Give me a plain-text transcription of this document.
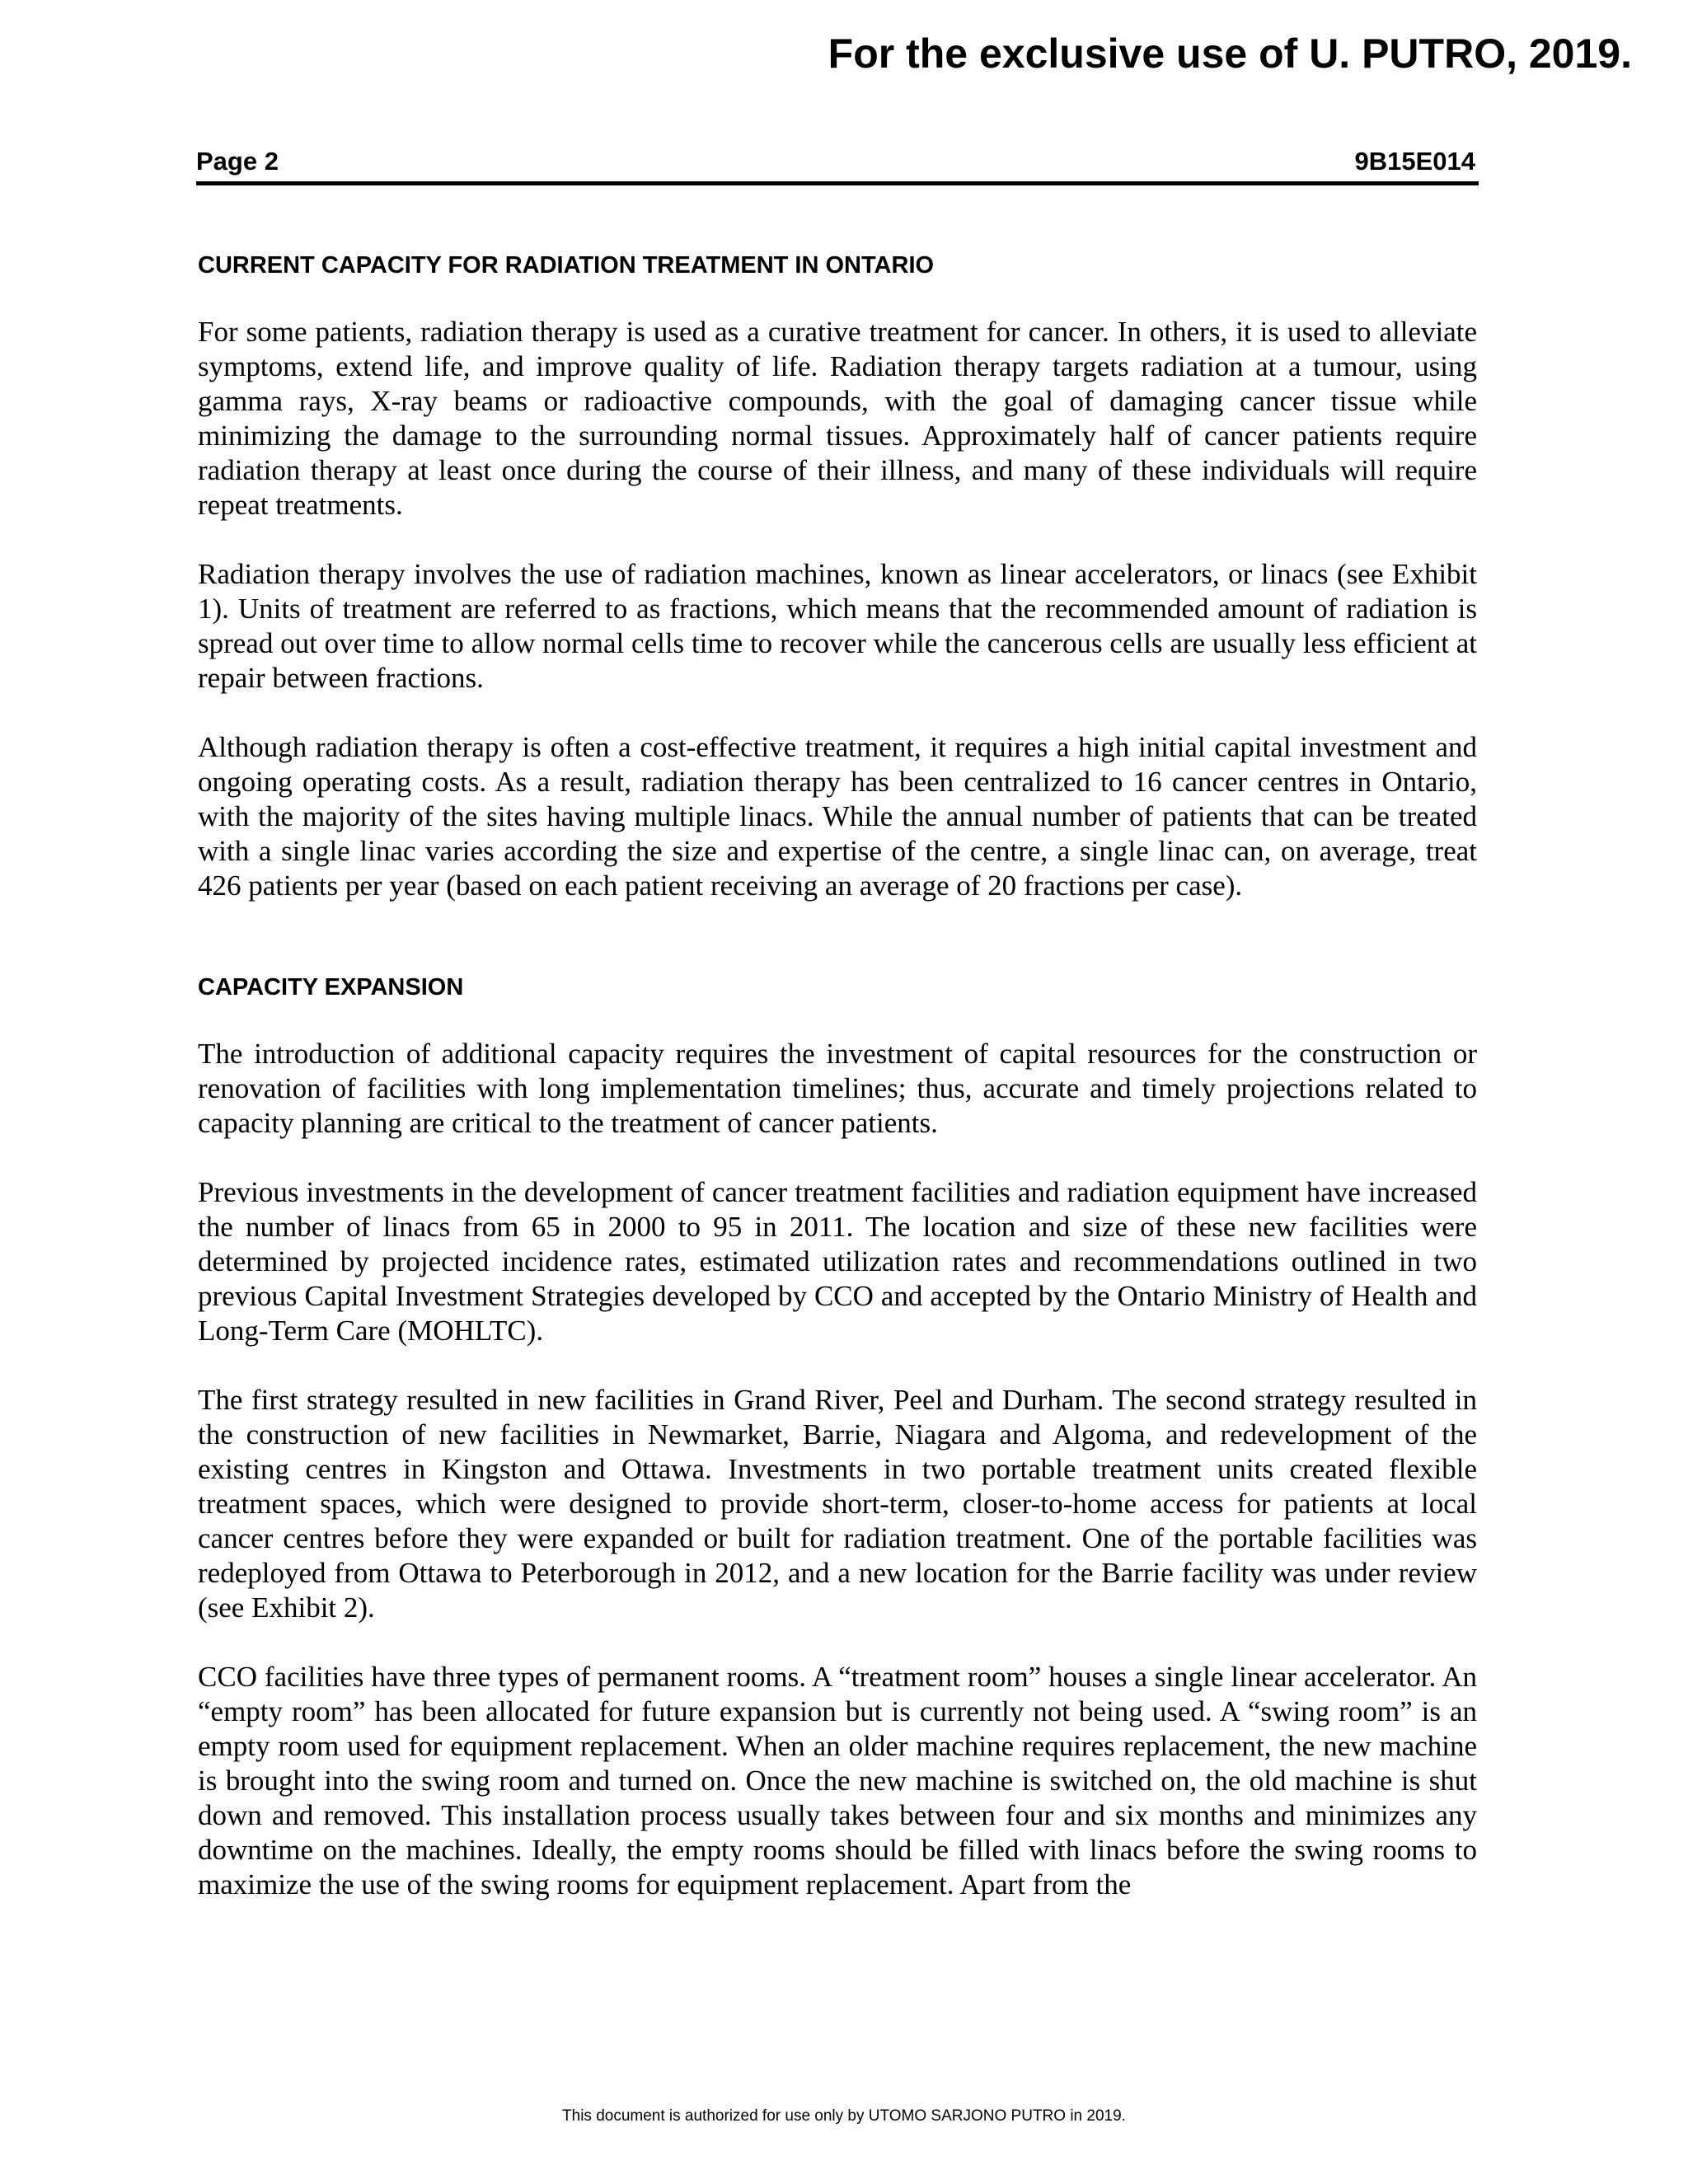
For the exclusive use of U. PUTRO, 2019.
Page 2	9B15E014
CURRENT CAPACITY FOR RADIATION TREATMENT IN ONTARIO

For some patients, radiation therapy is used as a curative treatment for cancer. In others, it is used to alleviate symptoms, extend life, and improve quality of life. Radiation therapy targets radiation at a tumour, using gamma rays, X-ray beams or radioactive compounds, with the goal of damaging cancer tissue while minimizing the damage to the surrounding normal tissues. Approximately half of cancer patients require radiation therapy at least once during the course of their illness, and many of these individuals will require repeat treatments.

Radiation therapy involves the use of radiation machines, known as linear accelerators, or linacs (see Exhibit 1). Units of treatment are referred to as fractions, which means that the recommended amount of radiation is spread out over time to allow normal cells time to recover while the cancerous cells are usually less efficient at repair between fractions.

Although radiation therapy is often a cost-effective treatment, it requires a high initial capital investment and ongoing operating costs. As a result, radiation therapy has been centralized to 16 cancer centres in Ontario, with the majority of the sites having multiple linacs. While the annual number of patients that can be treated with a single linac varies according the size and expertise of the centre, a single linac can, on average, treat 426 patients per year (based on each patient receiving an average of 20 fractions per case).

CAPACITY EXPANSION

The introduction of additional capacity requires the investment of capital resources for the construction or renovation of facilities with long implementation timelines; thus, accurate and timely projections related to capacity planning are critical to the treatment of cancer patients.

Previous investments in the development of cancer treatment facilities and radiation equipment have increased the number of linacs from 65 in 2000 to 95 in 2011. The location and size of these new facilities were determined by projected incidence rates, estimated utilization rates and recommendations outlined in two previous Capital Investment Strategies developed by CCO and accepted by the Ontario Ministry of Health and Long-Term Care (MOHLTC).

The first strategy resulted in new facilities in Grand River, Peel and Durham. The second strategy resulted in the construction of new facilities in Newmarket, Barrie, Niagara and Algoma, and redevelopment of the existing centres in Kingston and Ottawa. Investments in two portable treatment units created flexible treatment spaces, which were designed to provide short-term, closer-to-home access for patients at local cancer centres before they were expanded or built for radiation treatment. One of the portable facilities was redeployed from Ottawa to Peterborough in 2012, and a new location for the Barrie facility was under review (see Exhibit 2).

CCO facilities have three types of permanent rooms. A “treatment room” houses a single linear accelerator. An “empty room” has been allocated for future expansion but is currently not being used. A “swing room” is an empty room used for equipment replacement. When an older machine requires replacement, the new machine is brought into the swing room and turned on. Once the new machine is switched on, the old machine is shut down and removed. This installation process usually takes between four and six months and minimizes any downtime on the machines. Ideally, the empty rooms should be filled with linacs before the swing rooms to maximize the use of the swing rooms for equipment replacement. Apart from the

This document is authorized for use only by UTOMO SARJONO PUTRO in 2019.
